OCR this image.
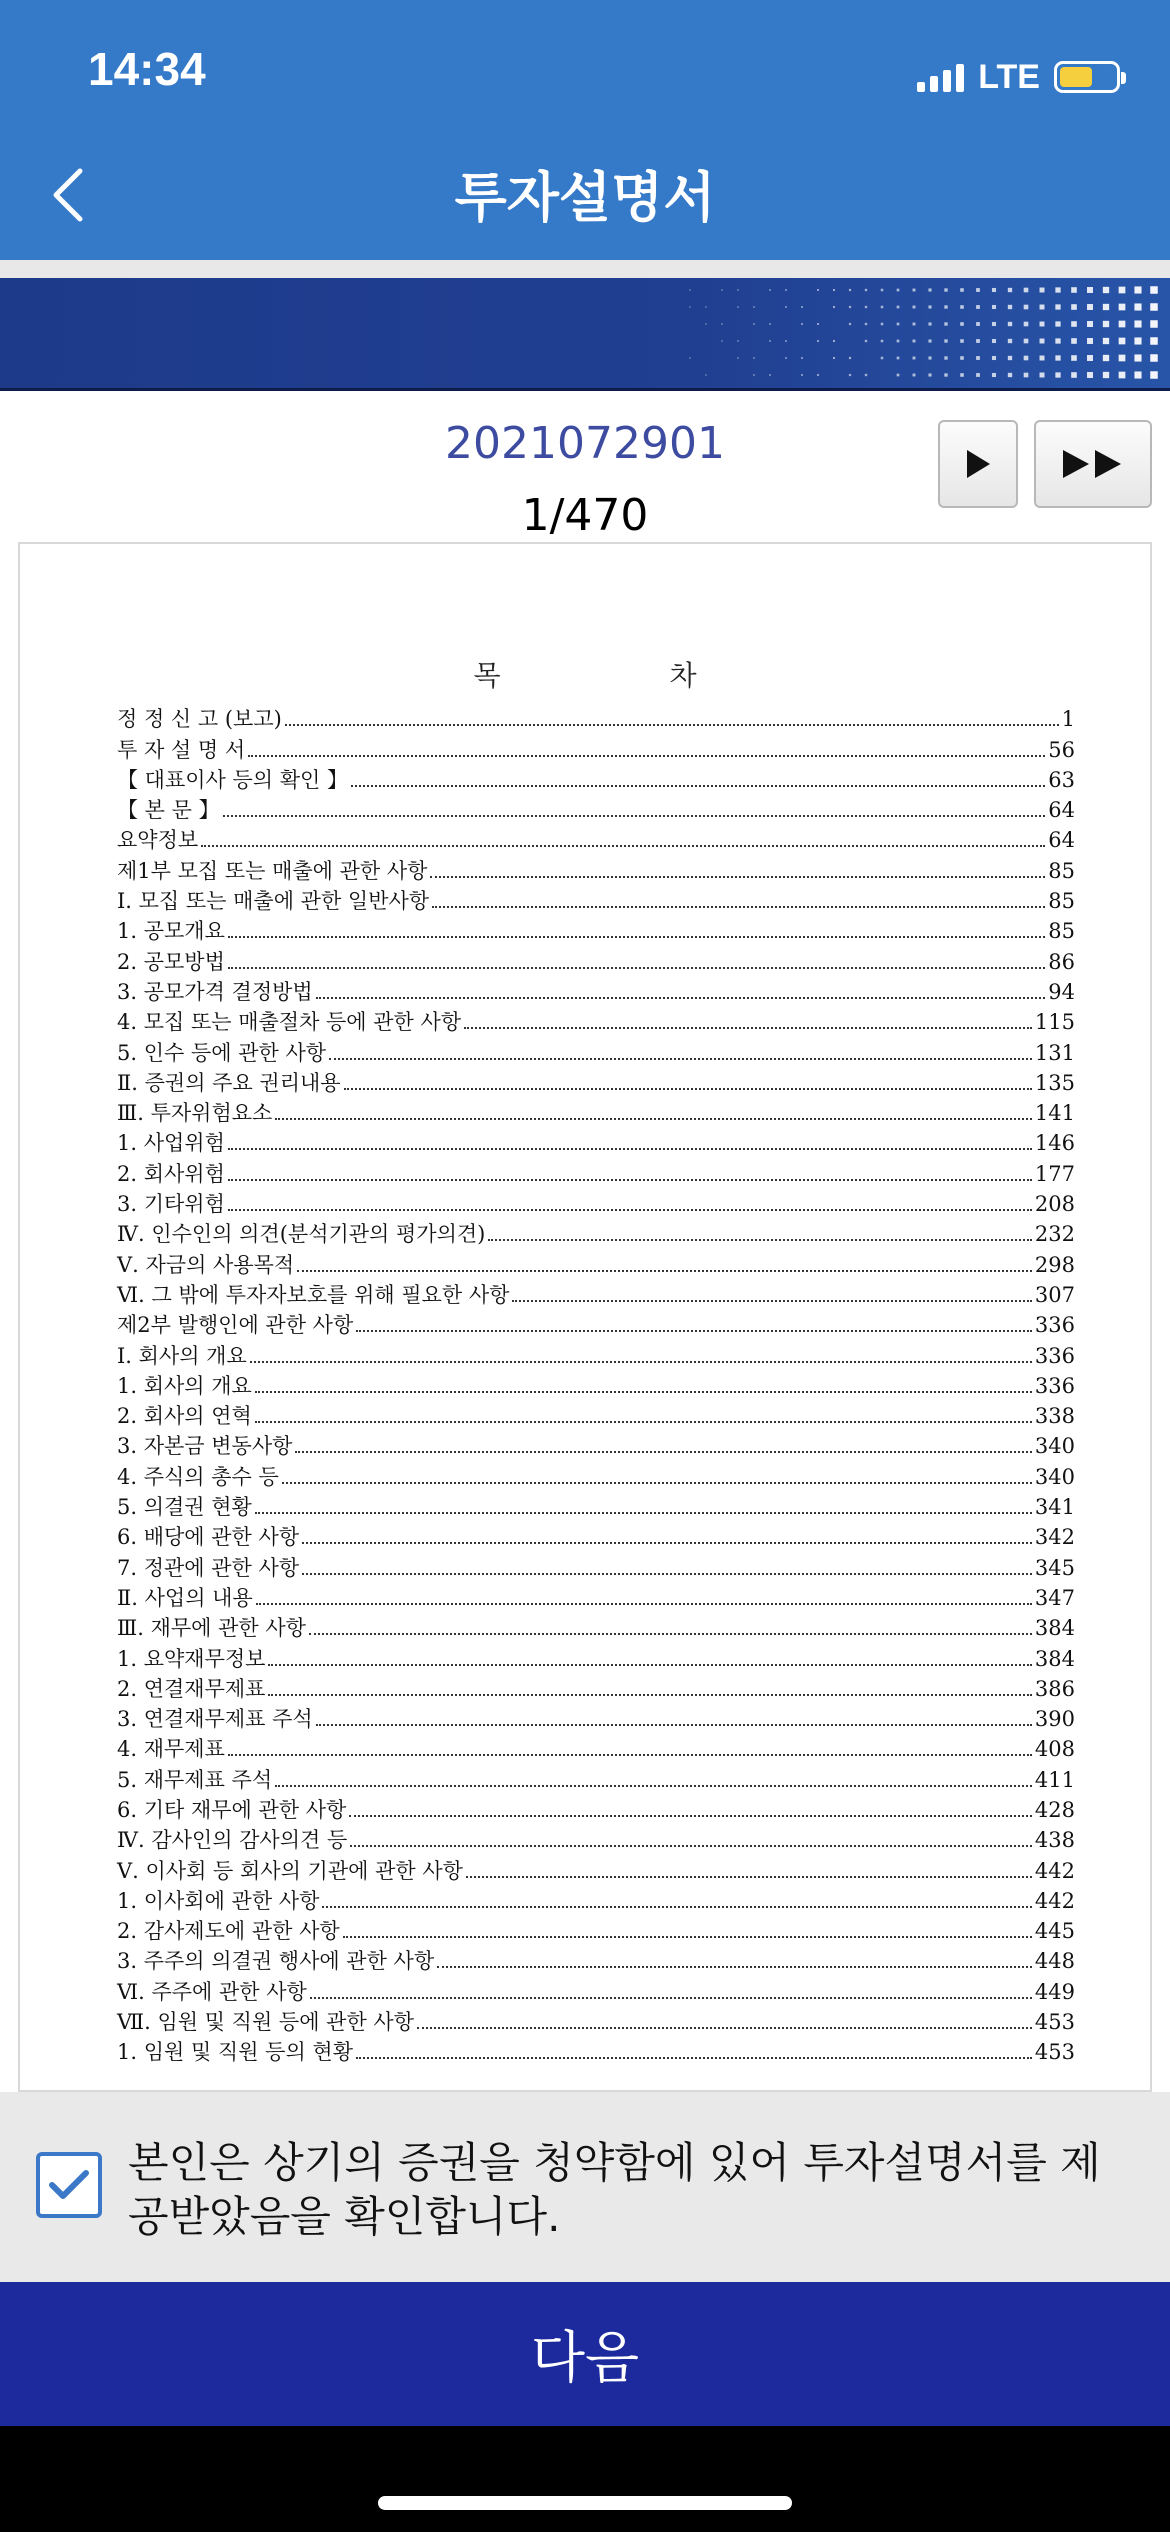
14:34	LTE
투자설명서
2021072901
1/470
목 차
정 정 신 고 (보고)	1
투 자 설 명 서	56
【 대표이사 등의 확인 】	63
【 본 문 】	64
요약정보	64
제1부 모집 또는 매출에 관한 사항	85
Ⅰ. 모집 또는 매출에 관한 일반사항	85
1. 공모개요	85
2. 공모방법	86
3. 공모가격 결정방법	94
4. 모집 또는 매출절차 등에 관한 사항	115
5. 인수 등에 관한 사항	131
Ⅱ. 증권의 주요 권리내용	135
Ⅲ. 투자위험요소	141
1. 사업위험	146
2. 회사위험	177
3. 기타위험	208
Ⅳ. 인수인의 의견(분석기관의 평가의견)	232
Ⅴ. 자금의 사용목적	298
Ⅵ. 그 밖에 투자자보호를 위해 필요한 사항	307
제2부 발행인에 관한 사항	336
Ⅰ. 회사의 개요	336
1. 회사의 개요	336
2. 회사의 연혁	338
3. 자본금 변동사항	340
4. 주식의 총수 등	340
5. 의결권 현황	341
6. 배당에 관한 사항	342
7. 정관에 관한 사항	345
Ⅱ. 사업의 내용	347
Ⅲ. 재무에 관한 사항	384
1. 요약재무정보	384
2. 연결재무제표	386
3. 연결재무제표 주석	390
4. 재무제표	408
5. 재무제표 주석	411
6. 기타 재무에 관한 사항	428
Ⅳ. 감사인의 감사의견 등	438
Ⅴ. 이사회 등 회사의 기관에 관한 사항	442
1. 이사회에 관한 사항	442
2. 감사제도에 관한 사항	445
3. 주주의 의결권 행사에 관한 사항	448
Ⅵ. 주주에 관한 사항	449
Ⅶ. 임원 및 직원 등에 관한 사항	453
1. 임원 및 직원 등의 현황	453
본인은 상기의 증권을 청약함에 있어 투자설명서를 제공받았음을 확인합니다.
다음
